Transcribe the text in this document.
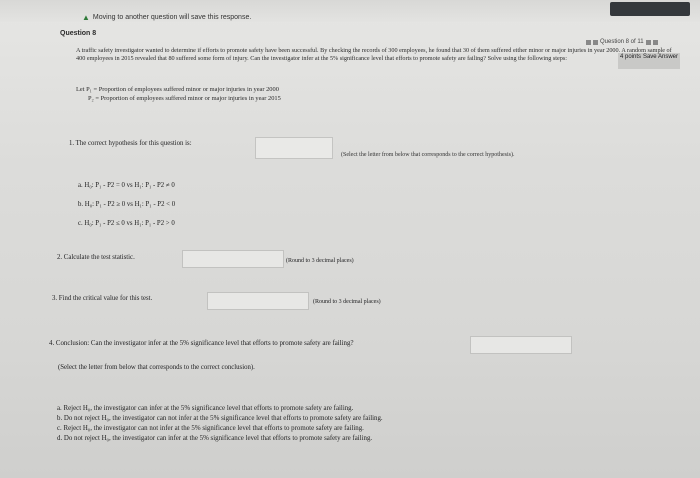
▲ Moving to another question will save this response.
Question 8
Question 8 of 11
4 points Save Answer
A traffic safety investigator wanted to determine if efforts to promote safety have been successful. By checking the records of 300 employees, he found that 30 of them suffered either minor or major injuries in year 2000. A random sample of 400 employees in 2015 revealed that 80 suffered some form of injury. Can the investigator infer at the 5% significance level that efforts to promote safety are failing? Solve using the following steps:
Let P₁ = Proportion of employees suffered minor or major injuries in year 2000
P₂ = Proportion of employees suffered minor or major injuries in year 2015
1. The correct hypothesis for this question is:
(Select the letter from below that corresponds to the correct hypothesis).
a. H₀: P₁ - P2 = 0 vs H₁: P₁ - P2 ≠ 0
b. H₀: P₁ - P2 ≥ 0 vs H₁: P₁ - P2 < 0
c. H₀: P₁ - P2 ≤ 0 vs H₁: P₁ - P2 > 0
2. Calculate the test statistic.	(Round to 3 decimal places)
3. Find the critical value for this test.	(Round to 3 decimal places)
4. Conclusion: Can the investigator infer at the 5% significance level that efforts to promote safety are failing?
(Select the letter from below that corresponds to the correct conclusion).
a. Reject H₀, the investigator can infer at the 5% significance level that efforts to promote safety are failing.
b. Do not reject H₀, the investigator can not infer at the 5% significance level that efforts to promote safety are failing.
c. Reject H₀, the investigator can not infer at the 5% significance level that efforts to promote safety are failing.
d. Do not reject H₀, the investigator can infer at the 5% significance level that efforts to promote safety are failing.
